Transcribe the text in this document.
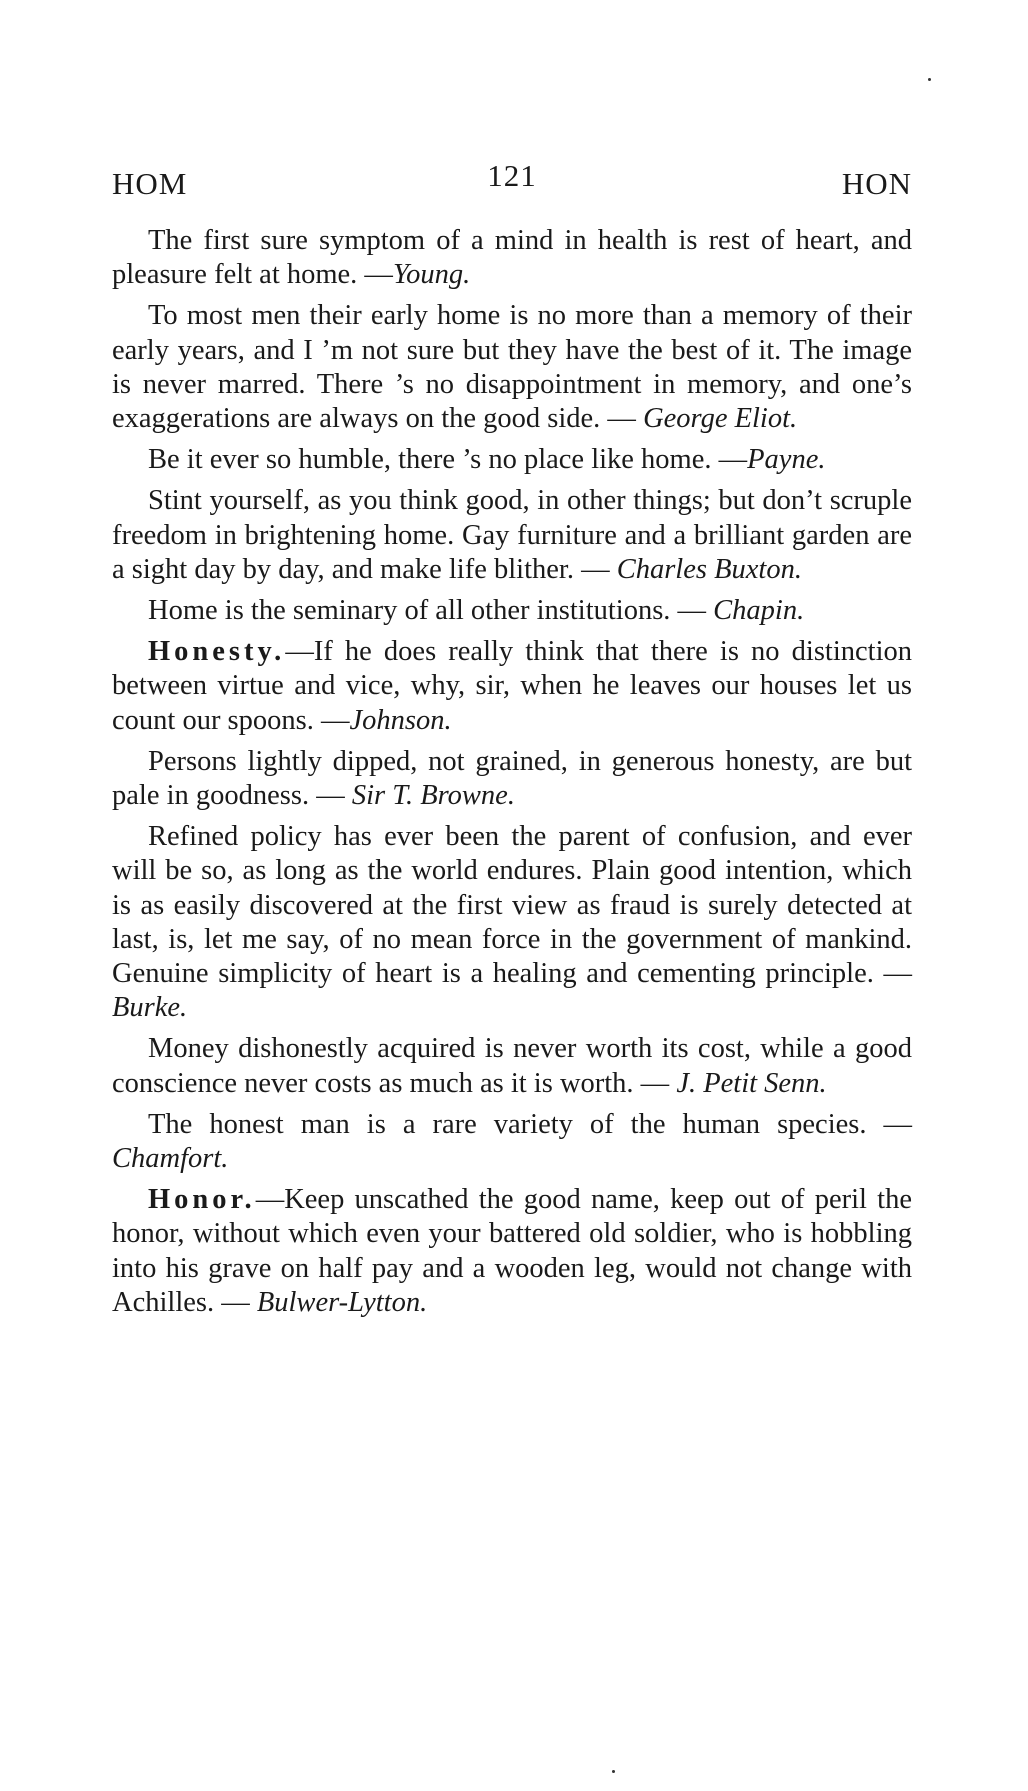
HOM	121	HON

The first sure symptom of a mind in health is rest of heart, and pleasure felt at home. —Young.

To most men their early home is no more than a memory of their early years, and I ’m not sure but they have the best of it. The image is never marred. There ’s no disappointment in memory, and one’s exaggerations are always on the good side. — George Eliot.

Be it ever so humble, there ’s no place like home. —Payne.

Stint yourself, as you think good, in other things; but don’t scruple freedom in brightening home. Gay furniture and a brilliant garden are a sight day by day, and make life blither. — Charles Buxton.

Home is the seminary of all other institutions. — Chapin.

Honesty.—If he does really think that there is no distinction between virtue and vice, why, sir, when he leaves our houses let us count our spoons. —Johnson.

Persons lightly dipped, not grained, in generous honesty, are but pale in goodness. — Sir T. Browne.

Refined policy has ever been the parent of confusion, and ever will be so, as long as the world endures. Plain good intention, which is as easily discovered at the first view as fraud is surely detected at last, is, let me say, of no mean force in the government of mankind. Genuine simplicity of heart is a healing and cementing principle. —Burke.

Money dishonestly acquired is never worth its cost, while a good conscience never costs as much as it is worth. — J. Petit Senn.

The honest man is a rare variety of the human species. — Chamfort.

Honor.—Keep unscathed the good name, keep out of peril the honor, without which even your battered old soldier, who is hobbling into his grave on half pay and a wooden leg, would not change with Achilles. — Bulwer-Lytton.
